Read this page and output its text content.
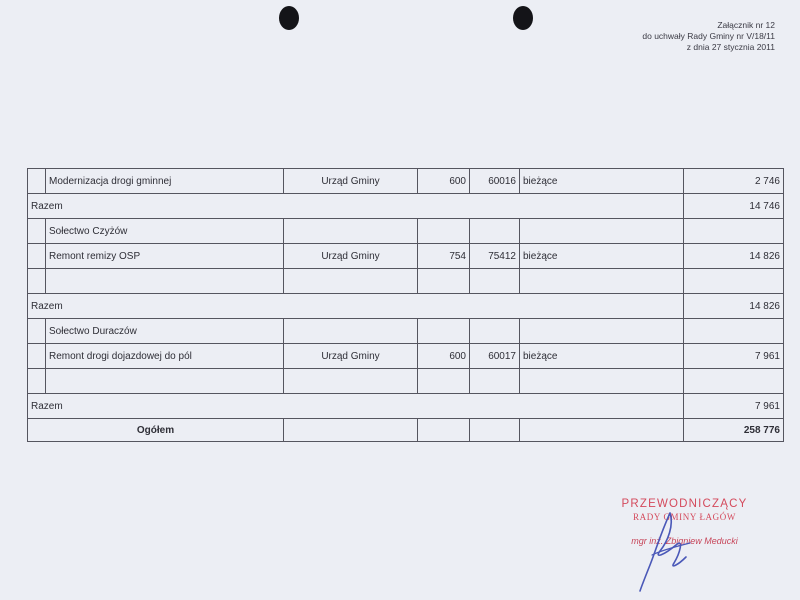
Załącznik nr 12
do uchwały Rady Gminy nr V/18/11
z dnia 27 stycznia 2011
	Modernizacja drogi gminnej	Urząd Gminy	600	60016	bieżące	2 746
Razem						14 746
	Sołectwo Czyżów					
	Remont remizy OSP	Urząd Gminy	754	75412	bieżące	14 826

Razem						14 826
	Sołectwo Duraczów					
	Remont drogi dojazdowej do pól	Urząd Gminy	600	60017	bieżące	7 961

Razem						7 961
Ogółem						258 776
PRZEWODNICZĄCY
RADY GMINY ŁAGÓW
mgr inż. Zbigniew Meducki
